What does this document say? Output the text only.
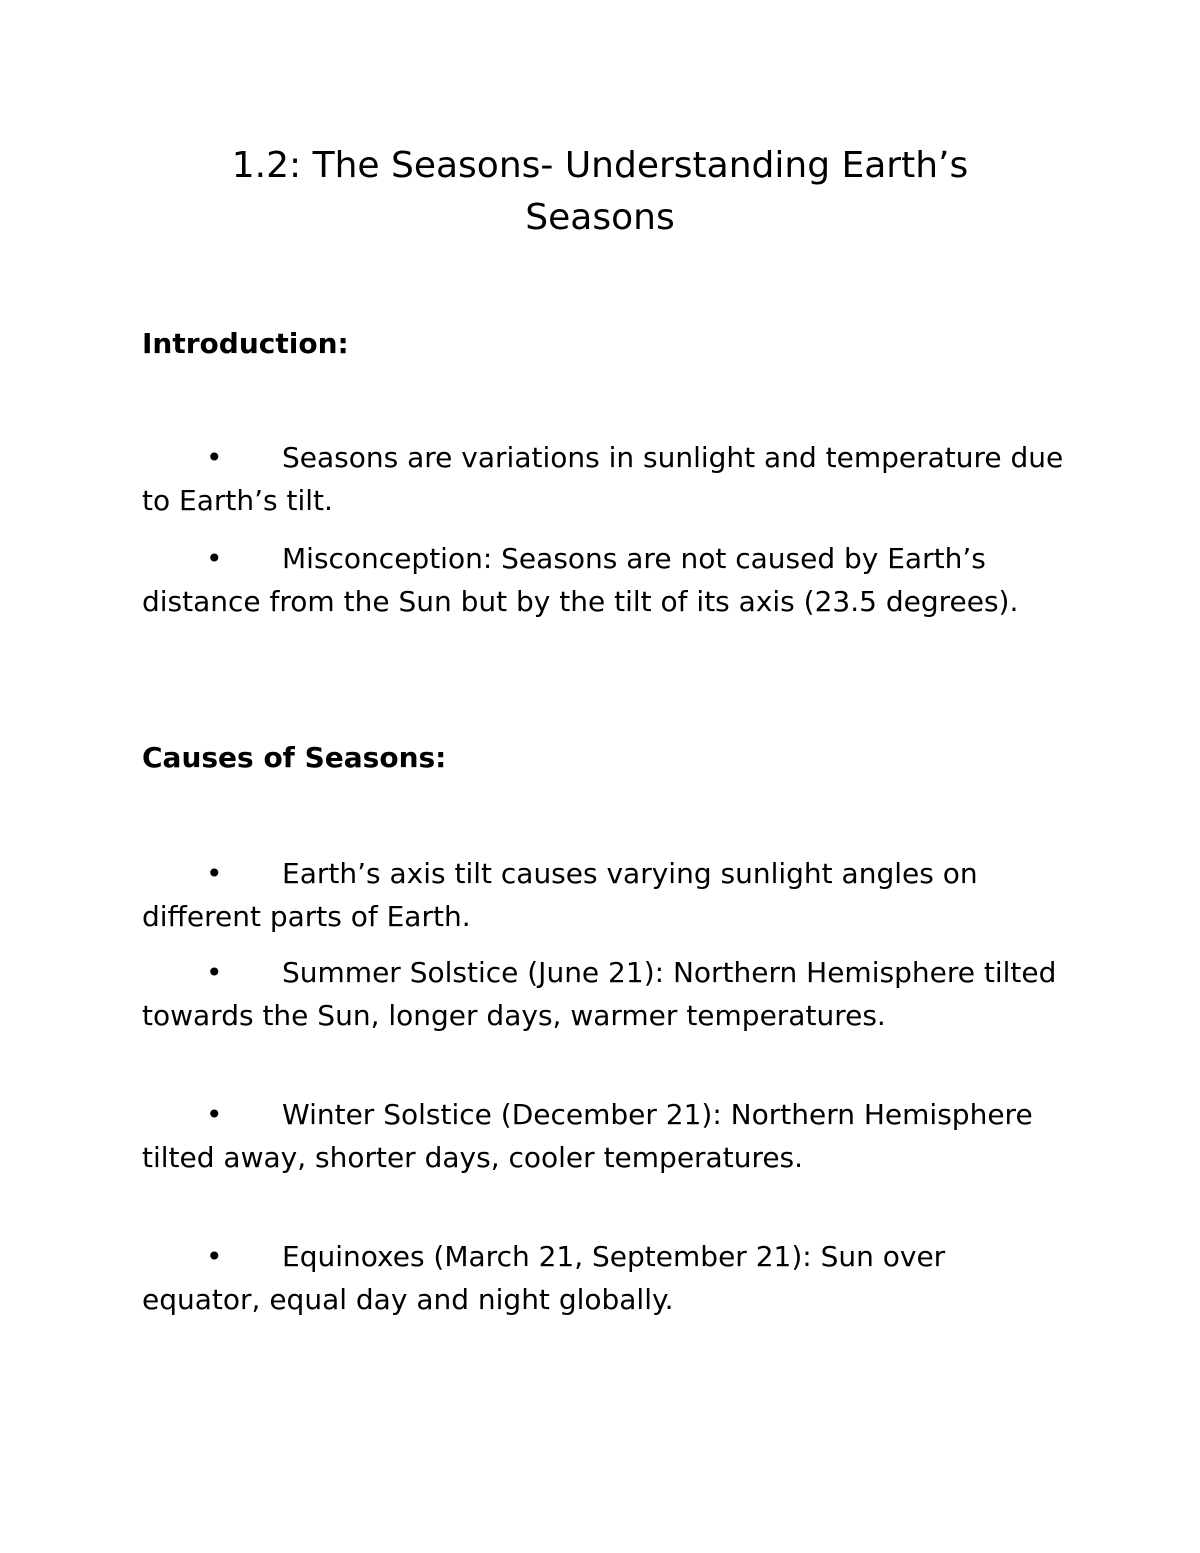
1.2: The Seasons- Understanding Earth’s
Seasons
Introduction:

•	Seasons are variations in sunlight and temperature due to Earth’s tilt.

•	Misconception: Seasons are not caused by Earth’s distance from the Sun but by the tilt of its axis (23.5 degrees).

Causes of Seasons:

•	Earth’s axis tilt causes varying sunlight angles on different parts of Earth.

•	Summer Solstice (June 21): Northern Hemisphere tilted towards the Sun, longer days, warmer temperatures.

•	Winter Solstice (December 21): Northern Hemisphere tilted away, shorter days, cooler temperatures.

•	Equinoxes (March 21, September 21): Sun over equator, equal day and night globally.
